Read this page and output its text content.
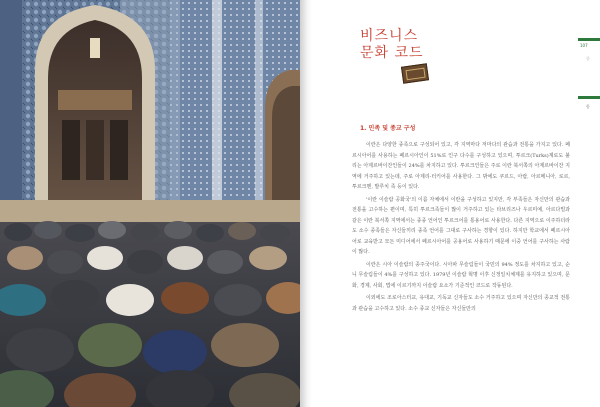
비즈니스
문화 코드	107
중
동
1. 민족 및 종교 구성

이란은 다양한 종족으로 구성되어 있고, 각 지역마다 저마다의 관습과 전통을 가지고 있다. 페르시아어를 사용하는 페르시아인이 51%로 인구 다수를 구성하고 있으며, 투르크(Turks)계로도 불리는 아제르바이잔인들이 24%를 차지하고 있다. 투르크인들은 주로 이란 북서쪽의 아제르바이잔 지역에 거주하고 있는데, 주로 아제리-터키어를 사용한다. 그 밖에도 쿠르드, 아랍, 아르메니아, 로르, 투르크멘, 발루치 족 등이 있다.

'이란 이슬람 공화국'의 이름 자체에서 이란을 구성하고 있지만, 각 부족들은 자신만의 관습과 전통을 고수하는 편이며, 특히 투르크족들이 많이 거주하고 있는 타브리즈나 우르미예, 아르다빌과 같은 이란 북서쪽 지역에서는 종종 언어인 투르크어를 통용어로 사용한다. 다른 지역으로 이주하더라도 소수 종족들은 자신들끼리 종족 언어를 그대로 구사하는 경향이 있다. 하지만 학교에서 페르시아어로 교육받고 모든 미디어에서 페르시아어를 공용어로 사용하기 때문에 이중 언어를 구사하는 사람이 많다.

이란은 시아 이슬람의 종주국이다. 시아파 무슬림들이 국민의 94% 정도를 차지하고 있고, 순니 무슬림들이 4%를 구성하고 있다. 1979년 이슬람 혁명 이후 신정일치체제를 유지하고 있으며, 문화, 경제, 사회, 법에 이르기까지 이슬람 요소가 기준적인 코드로 작동된다.

이외에도 조로아스터교, 유대교, 기독교 신자들도 소수 거주하고 있으며 자신만의 종교적 전통과 관습을 고수하고 있다. 소수 종교 신자들은 자신들만의
